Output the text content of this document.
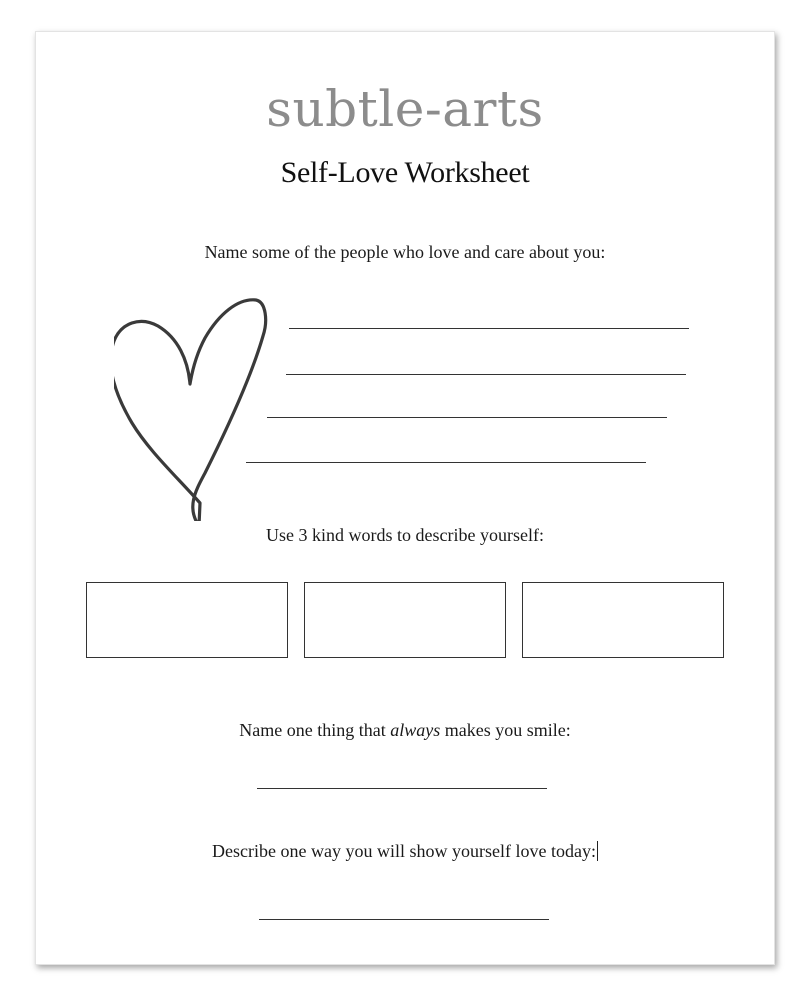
subtle-arts
Self-Love Worksheet
Name some of the people who love and care about you:
Use 3 kind words to describe yourself:
Name one thing that always makes you smile:
Describe one way you will show yourself love today:
